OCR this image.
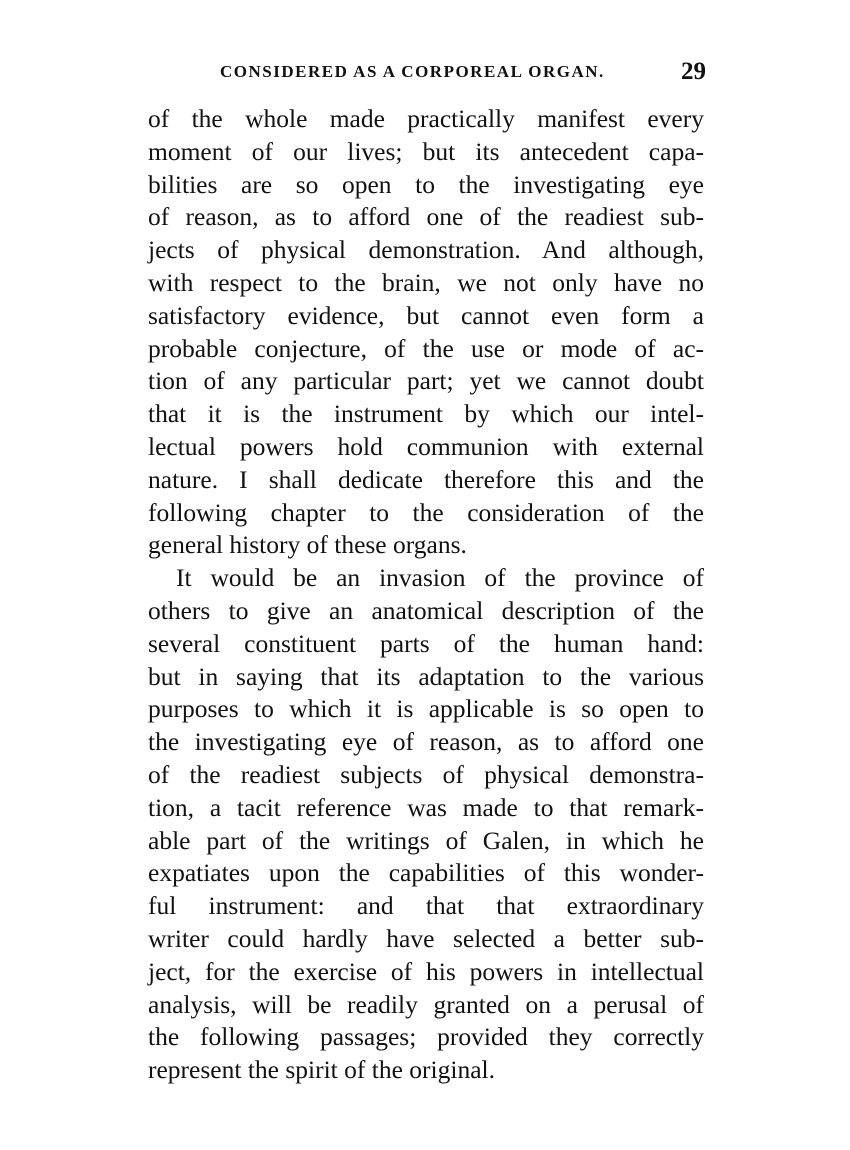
CONSIDERED AS A CORPOREAL ORGAN.	29
of the whole made practically manifest every
moment of our lives; but its antecedent capa-
bilities are so open to the investigating eye
of reason, as to afford one of the readiest sub-
jects of physical demonstration. And although,
with respect to the brain, we not only have no
satisfactory evidence, but cannot even form a
probable conjecture, of the use or mode of ac-
tion of any particular part; yet we cannot doubt
that it is the instrument by which our intel-
lectual powers hold communion with external
nature. I shall dedicate therefore this and the
following chapter to the consideration of the
general history of these organs.
It would be an invasion of the province of
others to give an anatomical description of the
several constituent parts of the human hand:
but in saying that its adaptation to the various
purposes to which it is applicable is so open to
the investigating eye of reason, as to afford one
of the readiest subjects of physical demonstra-
tion, a tacit reference was made to that remark-
able part of the writings of Galen, in which he
expatiates upon the capabilities of this wonder-
ful instrument: and that that extraordinary
writer could hardly have selected a better sub-
ject, for the exercise of his powers in intellectual
analysis, will be readily granted on a perusal of
the following passages; provided they correctly
represent the spirit of the original.
